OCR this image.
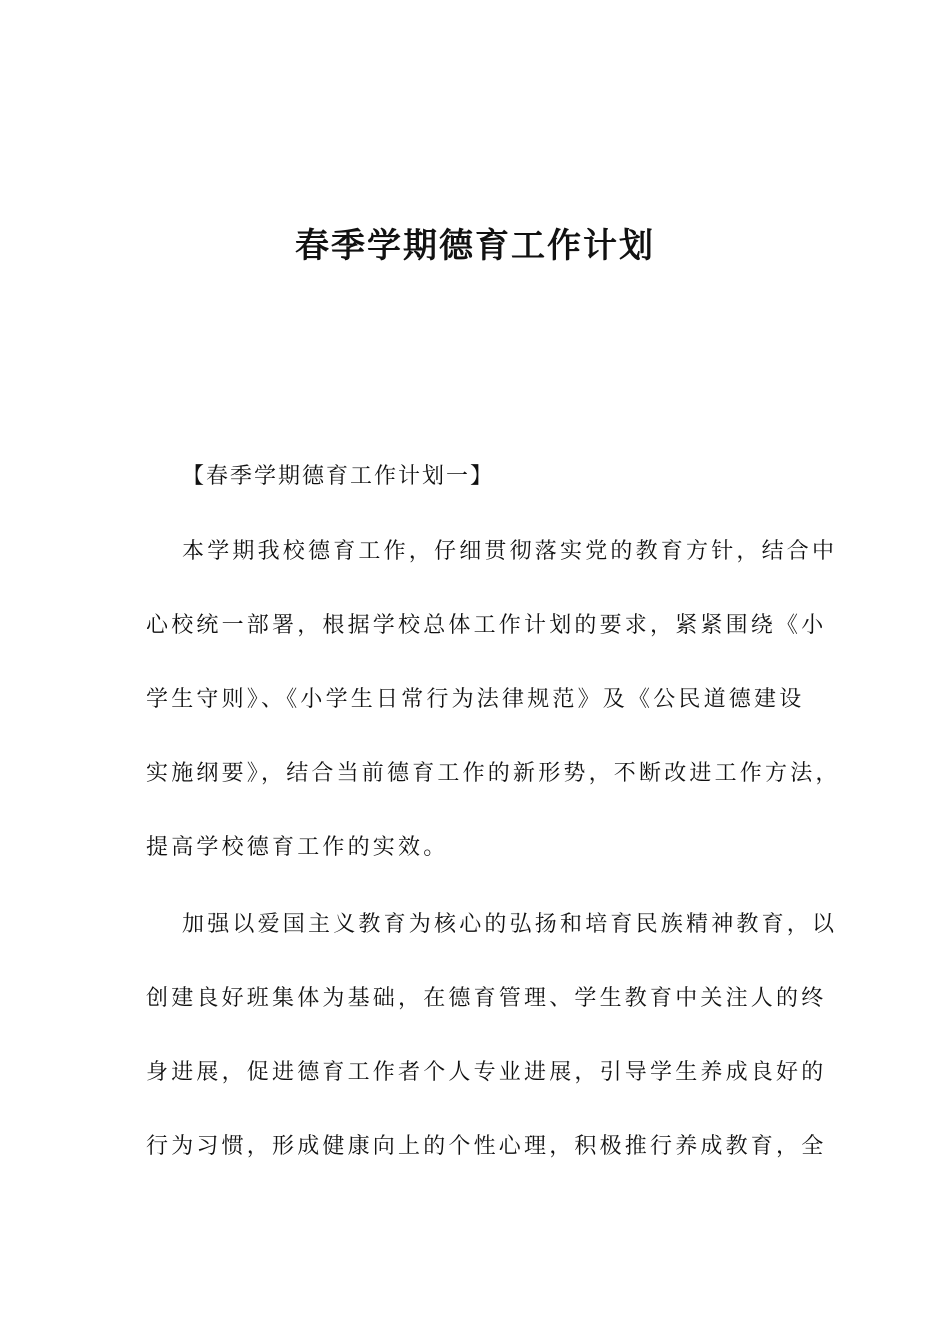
春季学期德育工作计划
【春季学期德育工作计划一】
本学期我校德育工作，仔细贯彻落实党的教育方针，结合中
心校统一部署，根据学校总体工作计划的要求，紧紧围绕《小
学生守则》、《小学生日常行为法律规范》及《公民道德建设
实施纲要》，结合当前德育工作的新形势，不断改进工作方法，
提高学校德育工作的实效。
加强以爱国主义教育为核心的弘扬和培育民族精神教育，以
创建良好班集体为基础，在德育管理、学生教育中关注人的终
身进展，促进德育工作者个人专业进展，引导学生养成良好的
行为习惯，形成健康向上的个性心理，积极推行养成教育，全
